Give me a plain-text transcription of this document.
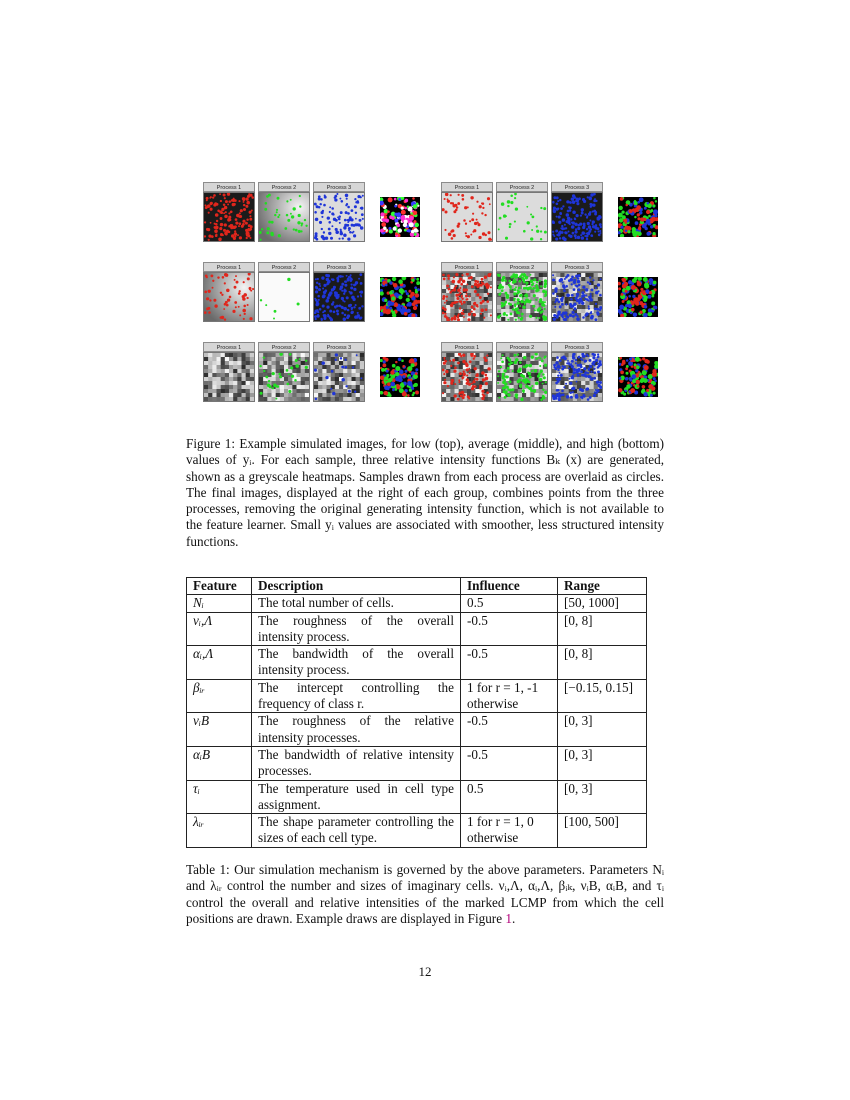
Process 1	Process 2	Process 3	Process 1	Process 2	Process 3
Process 1	Process 2	Process 3	Process 1	Process 2	Process 3
Process 1	Process 2	Process 3	Process 1	Process 2	Process 3
Figure 1: Example simulated images, for low (top), average (middle), and high (bottom) values of yᵢ. For each sample, three relative intensity functions Bₖ (x) are generated, shown as a greyscale heatmaps. Samples drawn from each process are overlaid as circles. The final images, displayed at the right of each group, combines points from the three processes, removing the original generating intensity function, which is not available to the feature learner. Small yᵢ values are associated with smoother, less structured intensity functions.
Feature	Description	Influence	Range
Nᵢ	The total number of cells.	0.5	[50, 1000]
νᵢ,Λ	The roughness of the overall intensity process.	-0.5	[0, 8]
αᵢ,Λ	The bandwidth of the overall intensity process.	-0.5	[0, 8]
βᵢᵣ	The intercept controlling the frequency of class r.	1 for r = 1, -1 otherwise	[−0.15, 0.15]
νᵢB	The roughness of the relative intensity processes.	-0.5	[0, 3]
αᵢB	The bandwidth of relative intensity processes.	-0.5	[0, 3]
τᵢ	The temperature used in cell type assignment.	0.5	[0, 3]
λᵢᵣ	The shape parameter controlling the sizes of each cell type.	1 for r = 1, 0 otherwise	[100, 500]
Table 1: Our simulation mechanism is governed by the above parameters. Parameters Nᵢ and λᵢᵣ control the number and sizes of imaginary cells. νᵢ,Λ, αᵢ,Λ, βᵢₖ, νᵢB, αᵢB, and τᵢ control the overall and relative intensities of the marked LCMP from which the cell positions are drawn. Example draws are displayed in Figure 1.
12
